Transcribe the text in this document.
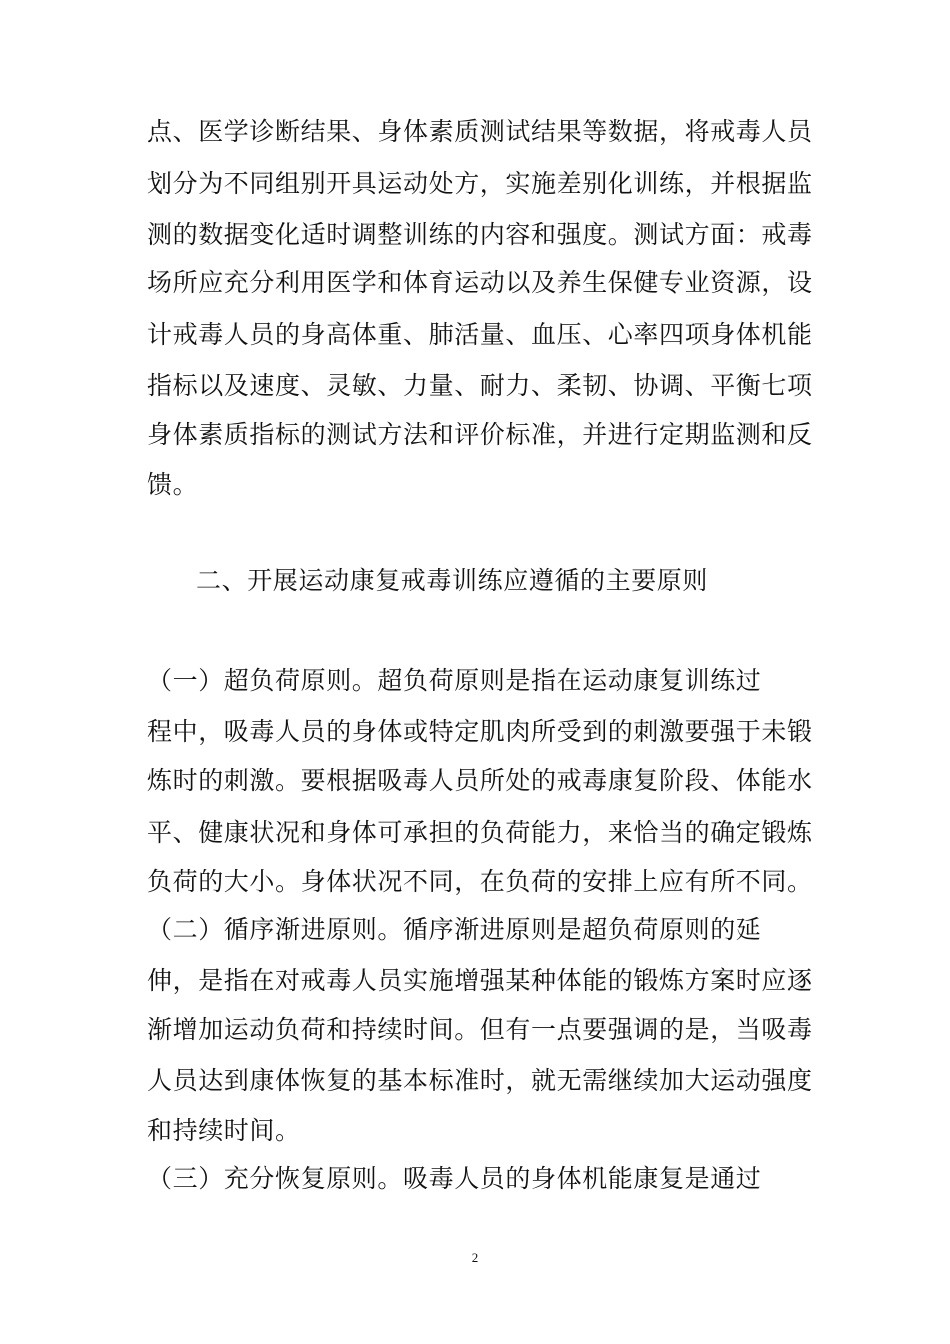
点、医学诊断结果、身体素质测试结果等数据，将戒毒人员
划分为不同组别开具运动处方，实施差别化训练，并根据监
测的数据变化适时调整训练的内容和强度。测试方面：戒毒
场所应充分利用医学和体育运动以及养生保健专业资源，设
计戒毒人员的身高体重、肺活量、血压、心率四项身体机能
指标以及速度、灵敏、力量、耐力、柔韧、协调、平衡七项
身体素质指标的测试方法和评价标准，并进行定期监测和反
馈。
二、开展运动康复戒毒训练应遵循的主要原则
（一）超负荷原则。超负荷原则是指在运动康复训练过
程中，吸毒人员的身体或特定肌肉所受到的刺激要强于未锻
炼时的刺激。要根据吸毒人员所处的戒毒康复阶段、体能水
平、健康状况和身体可承担的负荷能力，来恰当的确定锻炼
负荷的大小。身体状况不同，在负荷的安排上应有所不同。
（二）循序渐进原则。循序渐进原则是超负荷原则的延
伸，是指在对戒毒人员实施增强某种体能的锻炼方案时应逐
渐增加运动负荷和持续时间。但有一点要强调的是，当吸毒
人员达到康体恢复的基本标准时，就无需继续加大运动强度
和持续时间。
（三）充分恢复原则。吸毒人员的身体机能康复是通过
2
